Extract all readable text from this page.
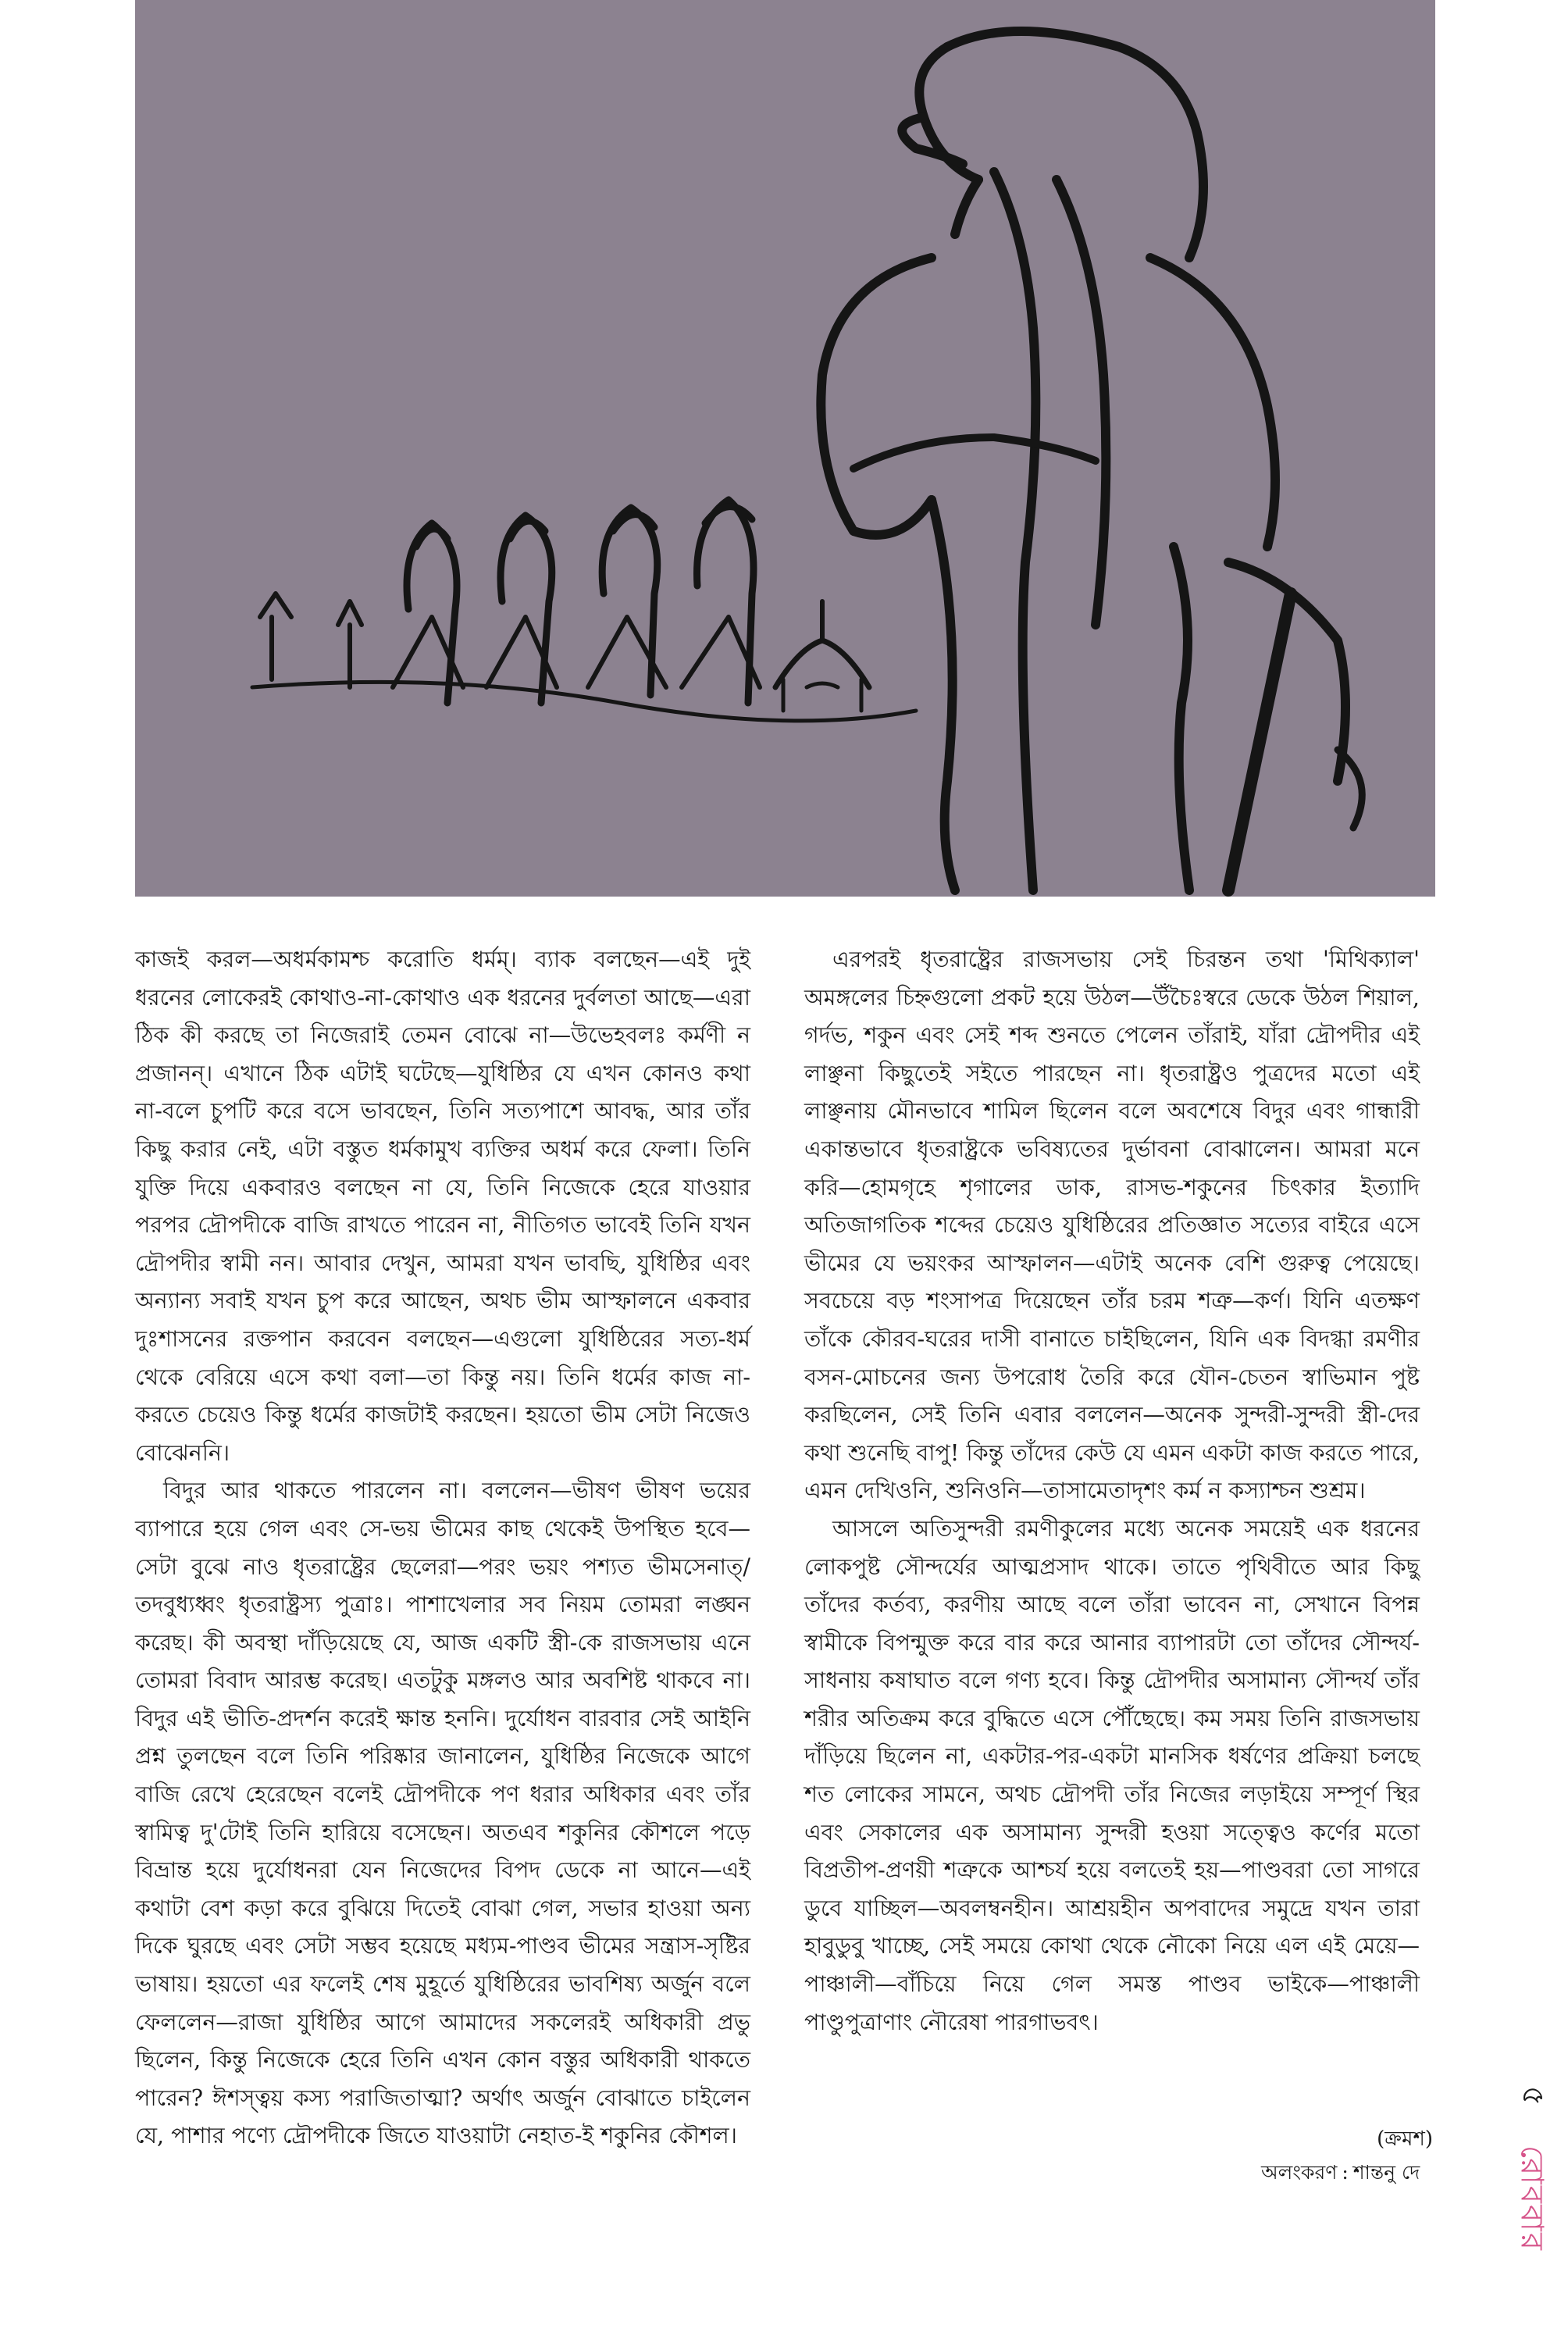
কাজই করল—অধর্মকামশ্চ করোতি ধর্মম্। ব্যাক বলছেন—এই দুই ধরনের লোকেরই কোথাও-না-কোথাও এক ধরনের দুর্বলতা আছে—এরা ঠিক কী করছে তা নিজেরাই তেমন বোঝে না—উভেহবলঃ কর্মণী ন প্রজানন্। এখানে ঠিক এটাই ঘটেছে—যুধিষ্ঠির যে এখন কোনও কথা না-বলে চুপটি করে বসে ভাবছেন, তিনি সত্যপাশে আবদ্ধ, আর তাঁর কিছু করার নেই, এটা বস্তুত ধর্মকামুখ ব্যক্তির অধর্ম করে ফেলা। তিনি যুক্তি দিয়ে একবারও বলছেন না যে, তিনি নিজেকে হেরে যাওয়ার পরপর দ্রৌপদীকে বাজি রাখতে পারেন না, নীতিগত ভাবেই তিনি যখন দ্রৌপদীর স্বামী নন। আবার দেখুন, আমরা যখন ভাবছি, যুধিষ্ঠির এবং অন্যান্য সবাই যখন চুপ করে আছেন, অথচ ভীম আস্ফালনে একবার দুঃশাসনের রক্তপান করবেন বলছেন—এগুলো যুধিষ্ঠিরের সত্য-ধর্ম থেকে বেরিয়ে এসে কথা বলা—তা কিন্তু নয়। তিনি ধর্মের কাজ না-করতে চেয়েও কিন্তু ধর্মের কাজটাই করছেন। হয়তো ভীম সেটা নিজেও বোঝেননি।

বিদুর আর থাকতে পারলেন না। বললেন—ভীষণ ভীষণ ভয়ের ব্যাপারে হয়ে গেল এবং সে-ভয় ভীমের কাছ থেকেই উপস্থিত হবে—সেটা বুঝে নাও ধৃতরাষ্ট্রের ছেলেরা—পরং ভয়ং পশ্যত ভীমসেনাত্/তদবুধ্যধ্বং ধৃতরাষ্ট্রস্য পুত্রাঃ। পাশাখেলার সব নিয়ম তোমরা লঙ্ঘন করেছ। কী অবস্থা দাঁড়িয়েছে যে, আজ একটি স্ত্রী-কে রাজসভায় এনে তোমরা বিবাদ আরম্ভ করেছ। এতটুকু মঙ্গলও আর অবশিষ্ট থাকবে না। বিদুর এই ভীতি-প্রদর্শন করেই ক্ষান্ত হননি। দুর্যোধন বারবার সেই আইনি প্রশ্ন তুলছেন বলে তিনি পরিষ্কার জানালেন, যুধিষ্ঠির নিজেকে আগে বাজি রেখে হেরেছেন বলেই দ্রৌপদীকে পণ ধরার অধিকার এবং তাঁর স্বামিত্ব দু'টোই তিনি হারিয়ে বসেছেন। অতএব শকুনির কৌশলে পড়ে বিভ্রান্ত হয়ে দুর্যোধনরা যেন নিজেদের বিপদ ডেকে না আনে—এই কথাটা বেশ কড়া করে বুঝিয়ে দিতেই বোঝা গেল, সভার হাওয়া অন্য দিকে ঘুরছে এবং সেটা সম্ভব হয়েছে মধ্যম-পাণ্ডব ভীমের সন্ত্রাস-সৃষ্টির ভাষায়। হয়তো এর ফলেই শেষ মুহূর্তে যুধিষ্ঠিরের ভাবশিষ্য অর্জুন বলে ফেললেন—রাজা যুধিষ্ঠির আগে আমাদের সকলেরই অধিকারী প্রভু ছিলেন, কিন্তু নিজেকে হেরে তিনি এখন কোন বস্তুর অধিকারী থাকতে পারেন? ঈশস্ত্বয় কস্য পরাজিতাত্মা? অর্থাৎ অর্জুন বোঝাতে চাইলেন যে, পাশার পণ্যে দ্রৌপদীকে জিতে যাওয়াটা নেহাত-ই শকুনির কৌশল।

এরপরই ধৃতরাষ্ট্রের রাজসভায় সেই চিরন্তন তথা 'মিথিক্যাল' অমঙ্গলের চিহ্নগুলো প্রকট হয়ে উঠল—উঁচৈঃস্বরে ডেকে উঠল শিয়াল, গর্দভ, শকুন এবং সেই শব্দ শুনতে পেলেন তাঁরাই, যাঁরা দ্রৌপদীর এই লাঞ্ছনা কিছুতেই সইতে পারছেন না। ধৃতরাষ্ট্রও পুত্রদের মতো এই লাঞ্ছনায় মৌনভাবে শামিল ছিলেন বলে অবশেষে বিদুর এবং গান্ধারী একান্তভাবে ধৃতরাষ্ট্রকে ভবিষ্যতের দুর্ভাবনা বোঝালেন। আমরা মনে করি—হোমগৃহে শৃগালের ডাক, রাসভ-শকুনের চিৎকার ইত্যাদি অতিজাগতিক শব্দের চেয়েও যুধিষ্ঠিরের প্রতিজ্ঞাত সত্যের বাইরে এসে ভীমের যে ভয়ংকর আস্ফালন—এটাই অনেক বেশি গুরুত্ব পেয়েছে। সবচেয়ে বড় শংসাপত্র দিয়েছেন তাঁর চরম শত্রু—কর্ণ। যিনি এতক্ষণ তাঁকে কৌরব-ঘরের দাসী বানাতে চাইছিলেন, যিনি এক বিদগ্ধা রমণীর বসন-মোচনের জন্য উপরোধ তৈরি করে যৌন-চেতন স্বাভিমান পুষ্ট করছিলেন, সেই তিনি এবার বললেন—অনেক সুন্দরী-সুন্দরী স্ত্রী-দের কথা শুনেছি বাপু! কিন্তু তাঁদের কেউ যে এমন একটা কাজ করতে পারে, এমন দেখিওনি, শুনিওনি—তাসামেতাদৃশং কর্ম ন কস্যাশ্চন শুশ্রম।

আসলে অতিসুন্দরী রমণীকুলের মধ্যে অনেক সময়েই এক ধরনের লোকপুষ্ট সৌন্দর্যের আত্মপ্রসাদ থাকে। তাতে পৃথিবীতে আর কিছু তাঁদের কর্তব্য, করণীয় আছে বলে তাঁরা ভাবেন না, সেখানে বিপন্ন স্বামীকে বিপন্মুক্ত করে বার করে আনার ব্যাপারটা তো তাঁদের সৌন্দর্য-সাধনায় কষাঘাত বলে গণ্য হবে। কিন্তু দ্রৌপদীর অসামান্য সৌন্দর্য তাঁর শরীর অতিক্রম করে বুদ্ধিতে এসে পৌঁছেছে। কম সময় তিনি রাজসভায় দাঁড়িয়ে ছিলেন না, একটার-পর-একটা মানসিক ধর্ষণের প্রক্রিয়া চলছে শত লোকের সামনে, অথচ দ্রৌপদী তাঁর নিজের লড়াইয়ে সম্পূর্ণ স্থির এবং সেকালের এক অসামান্য সুন্দরী হওয়া সত্ত্বেও কর্ণের মতো বিপ্রতীপ-প্রণয়ী শত্রুকে আশ্চর্য হয়ে বলতেই হয়—পাণ্ডবরা তো সাগরে ডুবে যাচ্ছিল—অবলম্বনহীন। আশ্রয়হীন অপবাদের সমুদ্রে যখন তারা হাবুডুবু খাচ্ছে, সেই সময়ে কোথা থেকে নৌকো নিয়ে এল এই মেয়ে—পাঞ্চালী—বাঁচিয়ে নিয়ে গেল সমস্ত পাণ্ডব ভাইকে—পাঞ্চালী পাণ্ডুপুত্রাণাং নৌরেষা পারগাভবৎ।

(ক্রমশ)
অলংকরণ : শান্তনু দে
৫
রোববার
